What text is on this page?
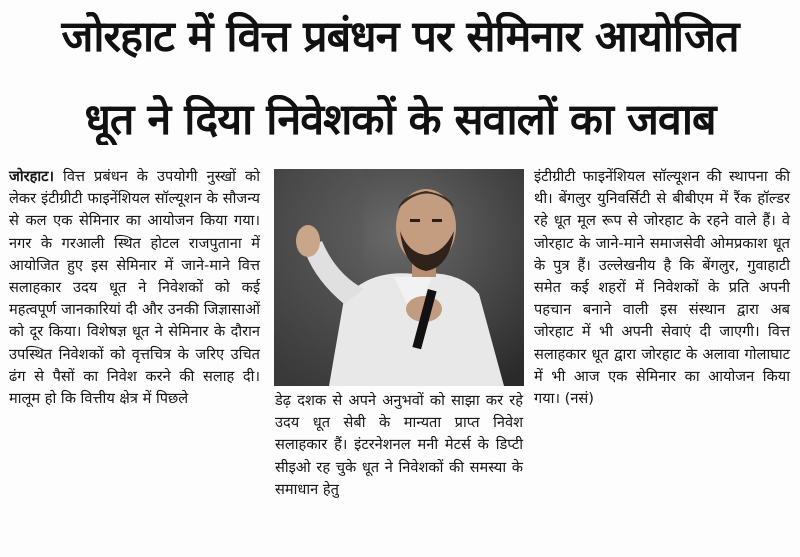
जोरहाट में वित्त प्रबंधन पर सेमिनार आयोजित
धूत ने दिया निवेशकों के सवालों का जवाब
जोरहाट। वित्त प्रबंधन के उपयोगी नुस्खों को लेकर इंटीग्रीटी फाइनेंशियल सॉल्यूशन के सौजन्य से कल एक सेमिनार का आयोजन किया गया। नगर के गरआली स्थित होटल राजपुताना में आयोजित हुए इस सेमिनार में जाने-माने वित्त सलाहकार उदय धूत ने निवेशकों को कई महत्वपूर्ण जानकारियां दी और उनकी जिज्ञासाओं को दूर किया। विशेषज्ञ धूत ने सेमिनार के दौरान उपस्थित निवेशकों को वृत्तचित्र के जरिए उचित ढंग से पैसों का निवेश करने की सलाह दी। मालूम हो कि वित्तीय क्षेत्र में पिछले	डेढ़ दशक से अपने अनुभवों को साझा कर रहे उदय धूत सेबी के मान्यता प्राप्त निवेश सलाहकार हैं। इंटरनेशनल मनी मेटर्स के डिप्टी सीइओ रह चुके धूत ने निवेशकों की समस्या के समाधान हेतु
इंटीग्रीटी फाइनेंशियल सॉल्यूशन की स्थापना की थी। बेंगलुर युनिवर्सिटी से बीबीएम में रैंक हॉल्डर रहे धूत मूल रूप से जोरहाट के रहने वाले हैं। वे जोरहाट के जाने-माने समाजसेवी ओमप्रकाश धूत के पुत्र हैं। उल्लेखनीय है कि बेंगलुर, गुवाहाटी समेत कई शहरों में निवेशकों के प्रति अपनी पहचान बनाने वाली इस संस्थान द्वारा अब जोरहाट में भी अपनी सेवाएं दी जाएगी। वित्त सलाहकार धूत द्वारा जोरहाट के अलावा गोलाघाट में भी आज एक सेमिनार का आयोजन किया गया। (नसं)
